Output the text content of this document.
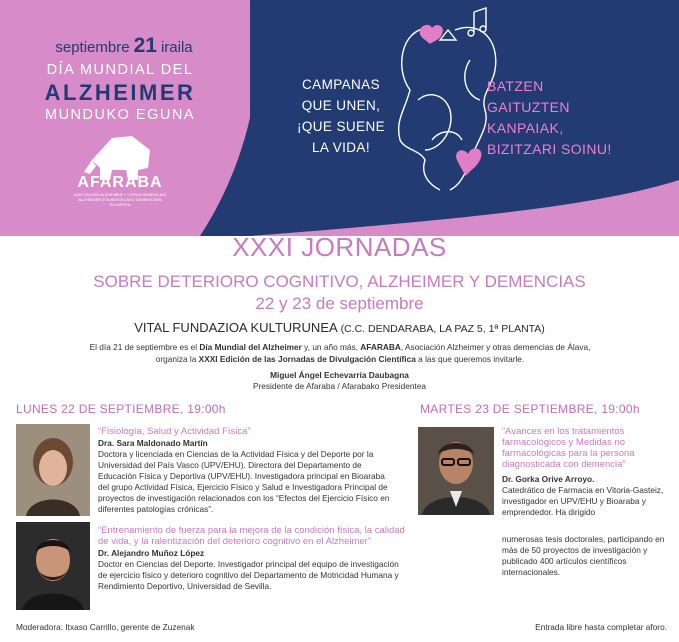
septiembre 21 iraila
DÍA MUNDIAL DEL
ALZHEIMER
MUNDUKO EGUNA
AFARABA
ASOCIACIÓN ALZHEIMER Y OTRAS DEMENCIAS
ALZHEIMER ETA BESTELAKO DEMENTZIEN ELKARTEA
CAMPANAS
QUE UNEN,
¡QUE SUENE
LA VIDA!
BATZEN
GAITUZTEN
KANPAIAK,
BIZITZARI SOINU!
XXXI JORNADAS
SOBRE DETERIORO COGNITIVO, ALZHEIMER Y DEMENCIAS
22 y 23 de septiembre
VITAL FUNDAZIOA KULTURUNEA (C.C. DENDARABA, LA PAZ 5, 1ª PLANTA)
El día 21 de septiembre es el Día Mundial del Alzheimer y, un año más, AFARABA, Asociación Alzheimer y otras demencias de Álava,
organiza la XXXI Edición de las Jornadas de Divulgación Científica a las que queremos invitarle.
Miguel Ángel Echevarría Daubagna
Presidente de Afaraba / Afarabako Presidentea
LUNES 22 DE SEPTIEMBRE, 19:00h
“Fisiología, Salud y Actividad Física”
Dra. Sara Maldonado Martín
Doctora y licenciada en Ciencias de la Actividad Física y del Deporte por la Universidad del País Vasco (UPV/EHU). Directora del Departamento de Educación Física y Deportiva (UPV/EHU). Investigadora principal en Bioaraba del grupo Actividad Física, Ejercicio Físico y Salud e Investigadora Principal de proyectos de investigación relacionados con los “Efectos del Ejercicio Físico en diferentes patologías crónicas”.
“Entrenamiento de fuerza para la mejora de la condición física, la calidad de vida, y la ralentización del deterioro cognitivo en el Alzheimer”
Dr. Alejandro Muñoz López
Doctor en Ciencias del Deporte. Investigador principal del equipo de investigación de ejercicio físico y deterioro cognitivo del Departamento de Motricidad Humana y Rendimiento Deportivo, Universidad de Sevilla.
MARTES 23 DE SEPTIEMBRE, 19:00h
“Avances en los tratamientos farmacológicos y Medidas no farmacológicas para la persona diagnosticada con demencia”
Dr. Gorka Orive Arroyo.
Catedrático de Farmacia en Vitoria-Gasteiz, investigador en UPV/EHU y Bioaraba y emprendedor. Ha dirigido
numerosas tesis doctorales, participando en más de 50 proyectos de investigación y publicado 400 artículos científicos internacionales.
Moderadora: Itxaso Carrillo, gerente de Zuzenak	Entrada libre hasta completar aforo.
